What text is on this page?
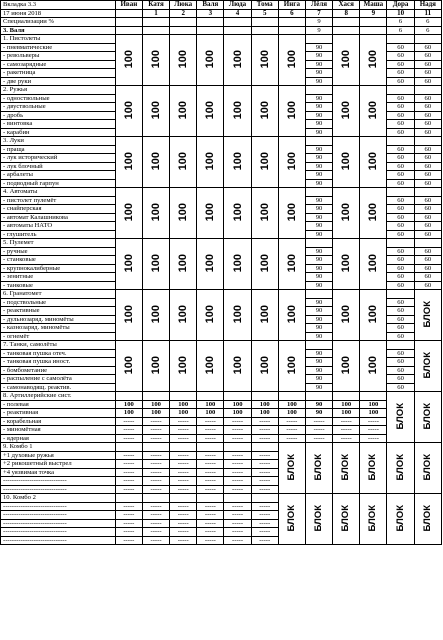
Вкладка 3.3	Иван	Катя	Люка	Валя	Люда	Тома	Инга	Лёля	Хася	Маша	Дора	Надя
17 июня 2018		1	2	3	4	5	6	7	8	9	10	11
Специализации %								9			6	6
3. Валя								9			6	6
1. Пистолеты	100	100	100	100	100	100	100		100	100		
- пневматические								90			60	60
- револьверы								90			60	60
- самозарядные								90			60	60
- ракетница								90			60	60
- две руки								90			60	60
2. Ружья	100	100	100	100	100	100	100		100	100		
- одноствольные								90			60	60
- двуствольные								90			60	60
- дробь								90			60	60
- винтовка								90			60	60
- карабин								90			60	60
3. Луки	100	100	100	100	100	100	100		100	100		
- праща								90			60	60
- лук исторический								90			60	60
- лук блочный								90			60	60
- арбалеты								90			60	60
- подводный гарпун								90			60	60
4. Автоматы	100	100	100	100	100	100	100		100	100		
- пистолет пулемёт								90			60	60
- снайперская								90			60	60
- автомат Калашникова								90			60	60
- автоматы НАТО								90			60	60
- глушитель								90			60	60
5. Пулемет	100	100	100	100	100	100	100		100	100		
- ручные								90			60	60
- станковые								90			60	60
- крупнокалиберные								90			60	60
- зенитные								90			60	60
- танковые								90			60	60
6. Гранатомет	100	100	100	100	100	100	100		100	100		БЛОК
- подствольные								90			60	
- реактивные								90			60	
- дульнозаряд. миномёты								90			60	
- казнозаряд. миномёты								90			60	
- огнемёт								90			60	
7. Танки, самолёты	100	100	100	100	100	100	100		100	100		БЛОК
- танковая пушка отеч.								90			60	
- танковая пушка иност.								90			60	
- бомбометание								90			60	
- распыление с самолёта								90			60	
- самонаводящ. реактив.								90			60	
8. Артиллерийские сист.											БЛОК	БЛОК
- полевая	100	100	100	100	100	100	100	90	100	100		
- реактивная	100	100	100	100	100	100	100	90	100	100		
- корабельная	-----	-----	-----	-----	-----	-----	-----	-----	-----	-----		
- миномётная	-----	-----	-----	-----	-----	-----	-----	-----	-----	-----		
- ядерная	-----	-----	-----	-----	-----	-----	-----	-----	-----	-----		
9. Комбо 1							БЛОК	БЛОК	БЛОК	БЛОК	БЛОК	БЛОК
+1 духовые ружья	-----	-----	-----	-----	-----	-----						
+2 рикошетный выстрел	-----	-----	-----	-----	-----	-----						
+4 уязвимая точка	-----	-----	-----	-----	-----	-----						
-----------------------------	-----	-----	-----	-----	-----	-----						
-----------------------------	-----	-----	-----	-----	-----	-----						
10. Комбо 2							БЛОК	БЛОК	БЛОК	БЛОК	БЛОК	БЛОК
-----------------------------	-----	-----	-----	-----	-----	-----						
-----------------------------	-----	-----	-----	-----	-----	-----						
-----------------------------	-----	-----	-----	-----	-----	-----						
-----------------------------	-----	-----	-----	-----	-----	-----						
-----------------------------	-----	-----	-----	-----	-----	-----						
